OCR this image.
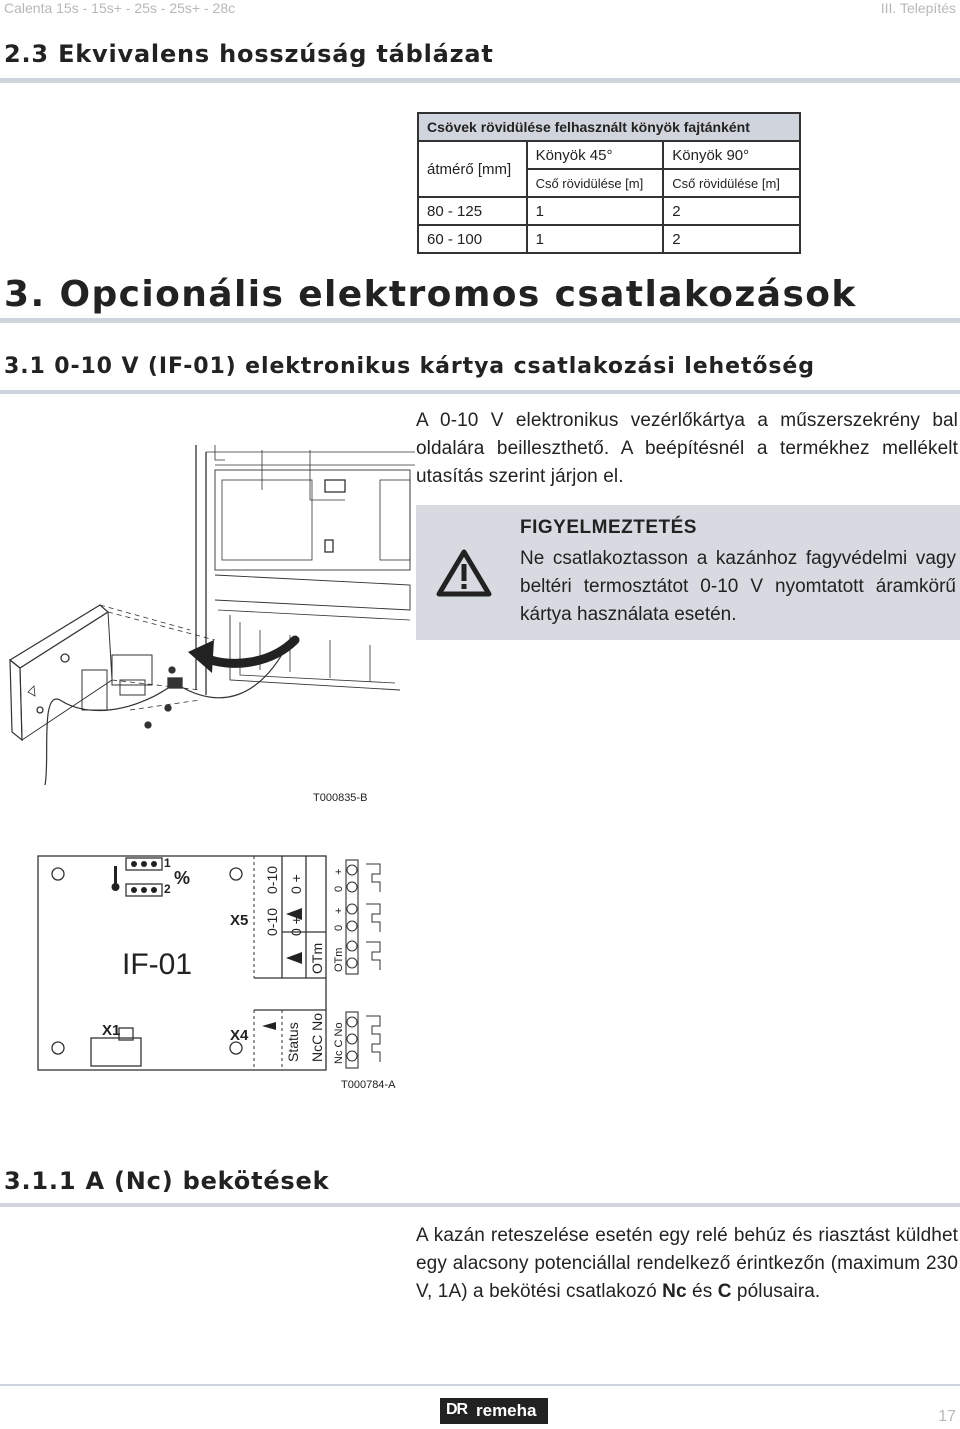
Calenta 15s - 15s+ - 25s - 25s+ - 28c	III. Telepítés
2.3 Ekvivalens hosszúság táblázat
Csövek rövidülése felhasznált könyök fajtánként		
átmérő [mm]	Könyök 45°	Könyök 90°
	Cső rövidülése [m]	Cső rövidülése [m]
80 - 125	1	2
60 - 100	1	2
3. Opcionális elektromos csatlakozások
3.1 0-10 V (IF-01) elektronikus kártya csatlakozási lehetőség
A 0-10 V elektronikus vezérlőkártya a műszerszekrény bal oldalára beilleszthető. A beépítésnél a termékhez mellékelt utasítás szerint járjon el.
FIGYELMEZTETÉS
Ne csatlakoztasson a kazánhoz fagyvédelmi vagy beltéri termosztátot 0-10 V nyomtatott áramkörű kártya használata esetén.
T000835-B
1
2
%
X5
IF-01
X1	X4
0-10 0 +
0-10 0 +
OTm
Status NcC No
+
0
+
0
OTm
Nc C No
T000784-A
3.1.1 A (Nc) bekötések
A kazán reteszelése esetén egy relé behúz és riasztást küldhet egy alacsony potenciállal rendelkező érintkezőn (maximum 230 V, 1A) a bekötési csatlakozó Nc és C pólusaira.
DR remeha	17
